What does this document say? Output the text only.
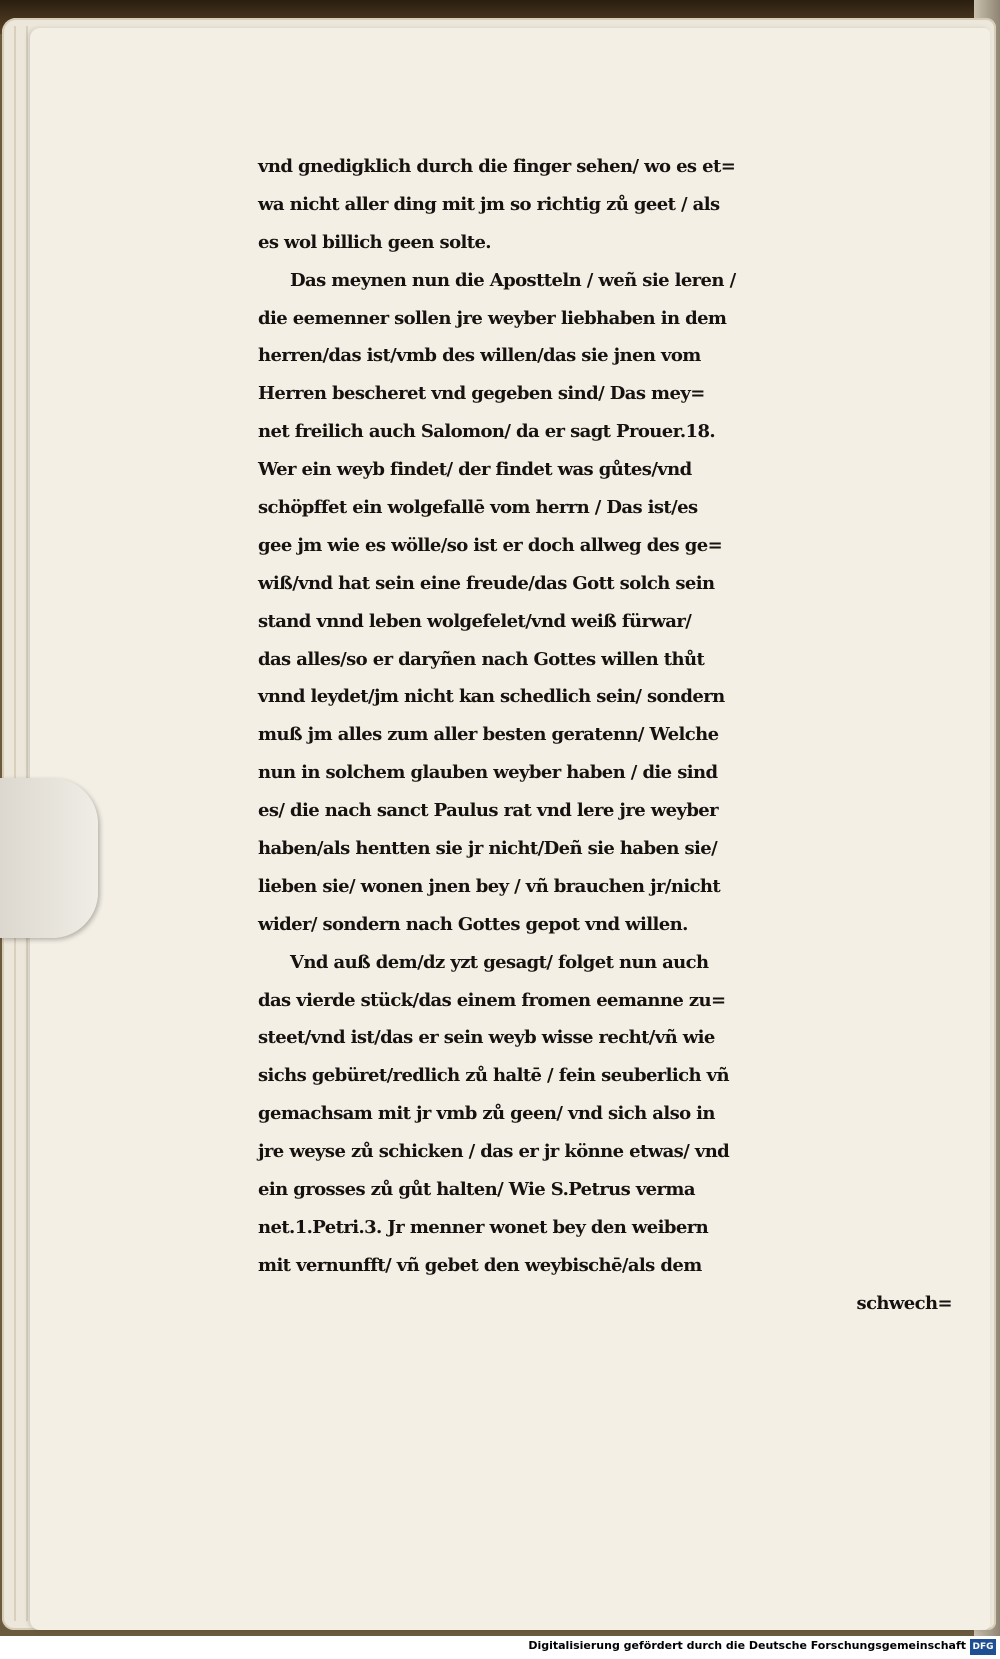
vnd gnedigklich durch die finger sehen/ wo es et=
wa nicht aller ding mit jm so richtig zů geet / als
es wol billich geen solte.
Das meynen nun die Apostteln / weñ sie leren /
die eemenner sollen jre weyber liebhaben in dem
herren/das ist/vmb des willen/das sie jnen vom
Herren bescheret vnd gegeben sind/ Das mey=
net freilich auch Salomon/ da er sagt Prouer.18.
Wer ein weyb findet/ der findet was gůtes/vnd
schöpffet ein wolgefallē vom herrn / Das ist/es
gee jm wie es wölle/so ist er doch allweg des ge=
wiß/vnd hat sein eine freude/das Gott solch sein
stand vnnd leben wolgefelet/vnd weiß fürwar/
das alles/so er daryñen nach Gottes willen thůt
vnnd leydet/jm nicht kan schedlich sein/ sondern
muß jm alles zum aller besten geratenn/ Welche
nun in solchem glauben weyber haben / die sind
es/ die nach sanct Paulus rat vnd lere jre weyber
haben/als hentten sie jr nicht/Deñ sie haben sie/
lieben sie/ wonen jnen bey / vñ brauchen jr/nicht
wider/ sondern nach Gottes gepot vnd willen.
Vnd auß dem/dz yzt gesagt/ folget nun auch
das vierde stück/das einem fromen eemanne zu=
steet/vnd ist/das er sein weyb wisse recht/vñ wie
sichs gebüret/redlich zů haltē / fein seuberlich vñ
gemachsam mit jr vmb zů geen/ vnd sich also in
jre weyse zů schicken / das er jr könne etwas/ vnd
ein grosses zů gůt halten/ Wie S.Petrus verma
net.1.Petri.3. Jr menner wonet bey den weibern
mit vernunfft/ vñ gebet den weybischē/als dem
schwech=
Digitalisierung gefördert durch die Deutsche Forschungsgemeinschaft DFG
